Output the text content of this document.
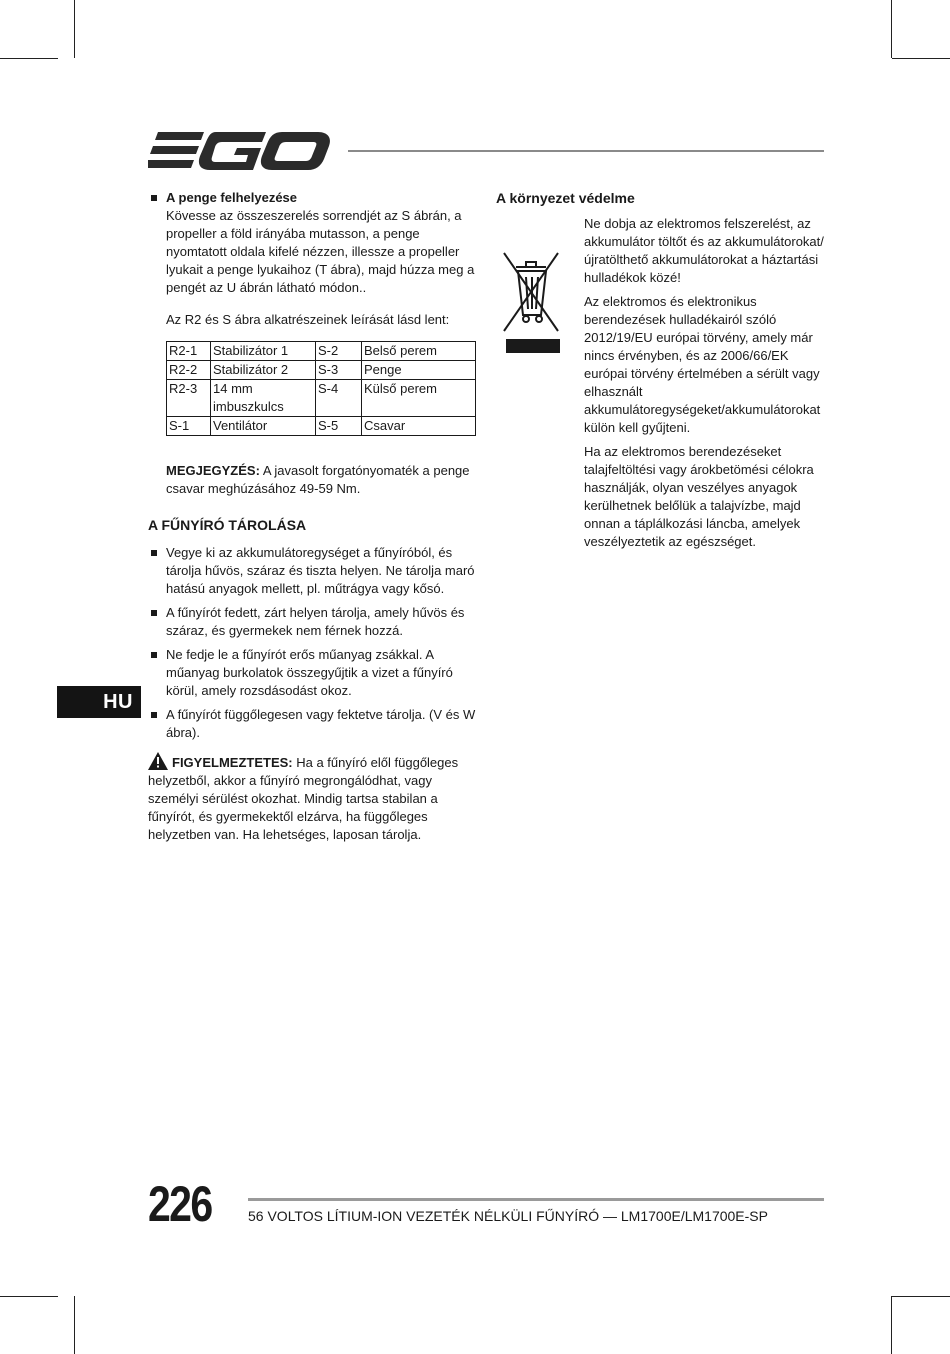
A penge felhelyezése

Kövesse az összeszerelés sorrendjét az S ábrán, a propeller a föld irányába mutasson, a penge nyomtatott oldala kifelé nézzen, illessze a propeller lyukait a penge lyukaihoz (T ábra), majd húzza meg a pengét az U ábrán látható módon..

Az R2 és S ábra alkatrészeinek leírását lásd lent:

R2-1	Stabilizátor 1	S-2	Belső perem
R2-2	Stabilizátor 2	S-3	Penge
R2-3	14 mm imbuszkulcs	S-4	Külső perem
S-1	Ventilátor	S-5	Csavar

MEGJEGYZÉS: A javasolt forgatónyomaték a penge csavar meghúzásához 49-59 Nm.

A FŰNYÍRÓ TÁROLÁSA
Vegye ki az akkumulátoregységet a fűnyíróból, és tárolja hűvös, száraz és tiszta helyen. Ne tárolja maró hatású anyagok mellett, pl. műtrágya vagy kősó.
A fűnyírót fedett, zárt helyen tárolja, amely hűvös és száraz, és gyermekek nem férnek hozzá.
Ne fedje le a fűnyírót erős műanyag zsákkal. A műanyag burkolatok összegyűjtik a vizet a fűnyíró körül, amely rozsdásodást okoz.
A fűnyírót függőlegesen vagy fektetve tárolja. (V és W ábra).

FIGYELMEZTETES: Ha a fűnyíró elől függőleges helyzetből, akkor a fűnyíró megrongálódhat, vagy személyi sérülést okozhat. Mindig tartsa stabilan a fűnyírót, és gyermekektől elzárva, ha függőleges helyzetben van. Ha lehetséges, laposan tárolja.

A környezet védelme

Ne dobja az elektromos felszerelést, az akkumulátor töltőt és az akkumulátorokat/újratölthető akkumulátorokat a háztartási hulladékok közé!

Az elektromos és elektronikus berendezések hulladékairól szóló 2012/19/EU európai törvény, amely már nincs érvényben, és az 2006/66/EK európai törvény értelmében a sérült vagy elhasznált akkumulátoregységeket/akkumulátorokat külön kell gyűjteni.

Ha az elektromos berendezéseket talajfeltöltési vagy árokbetömési célokra használják, olyan veszélyes anyagok kerülhetnek belőlük a talajvízbe, majd onnan a táplálkozási láncba, amelyek veszélyeztetik az egészséget.

HU
226	56 VOLTOS LÍTIUM-ION VEZETÉK NÉLKÜLI FŰNYÍRÓ — LM1700E/LM1700E-SP
